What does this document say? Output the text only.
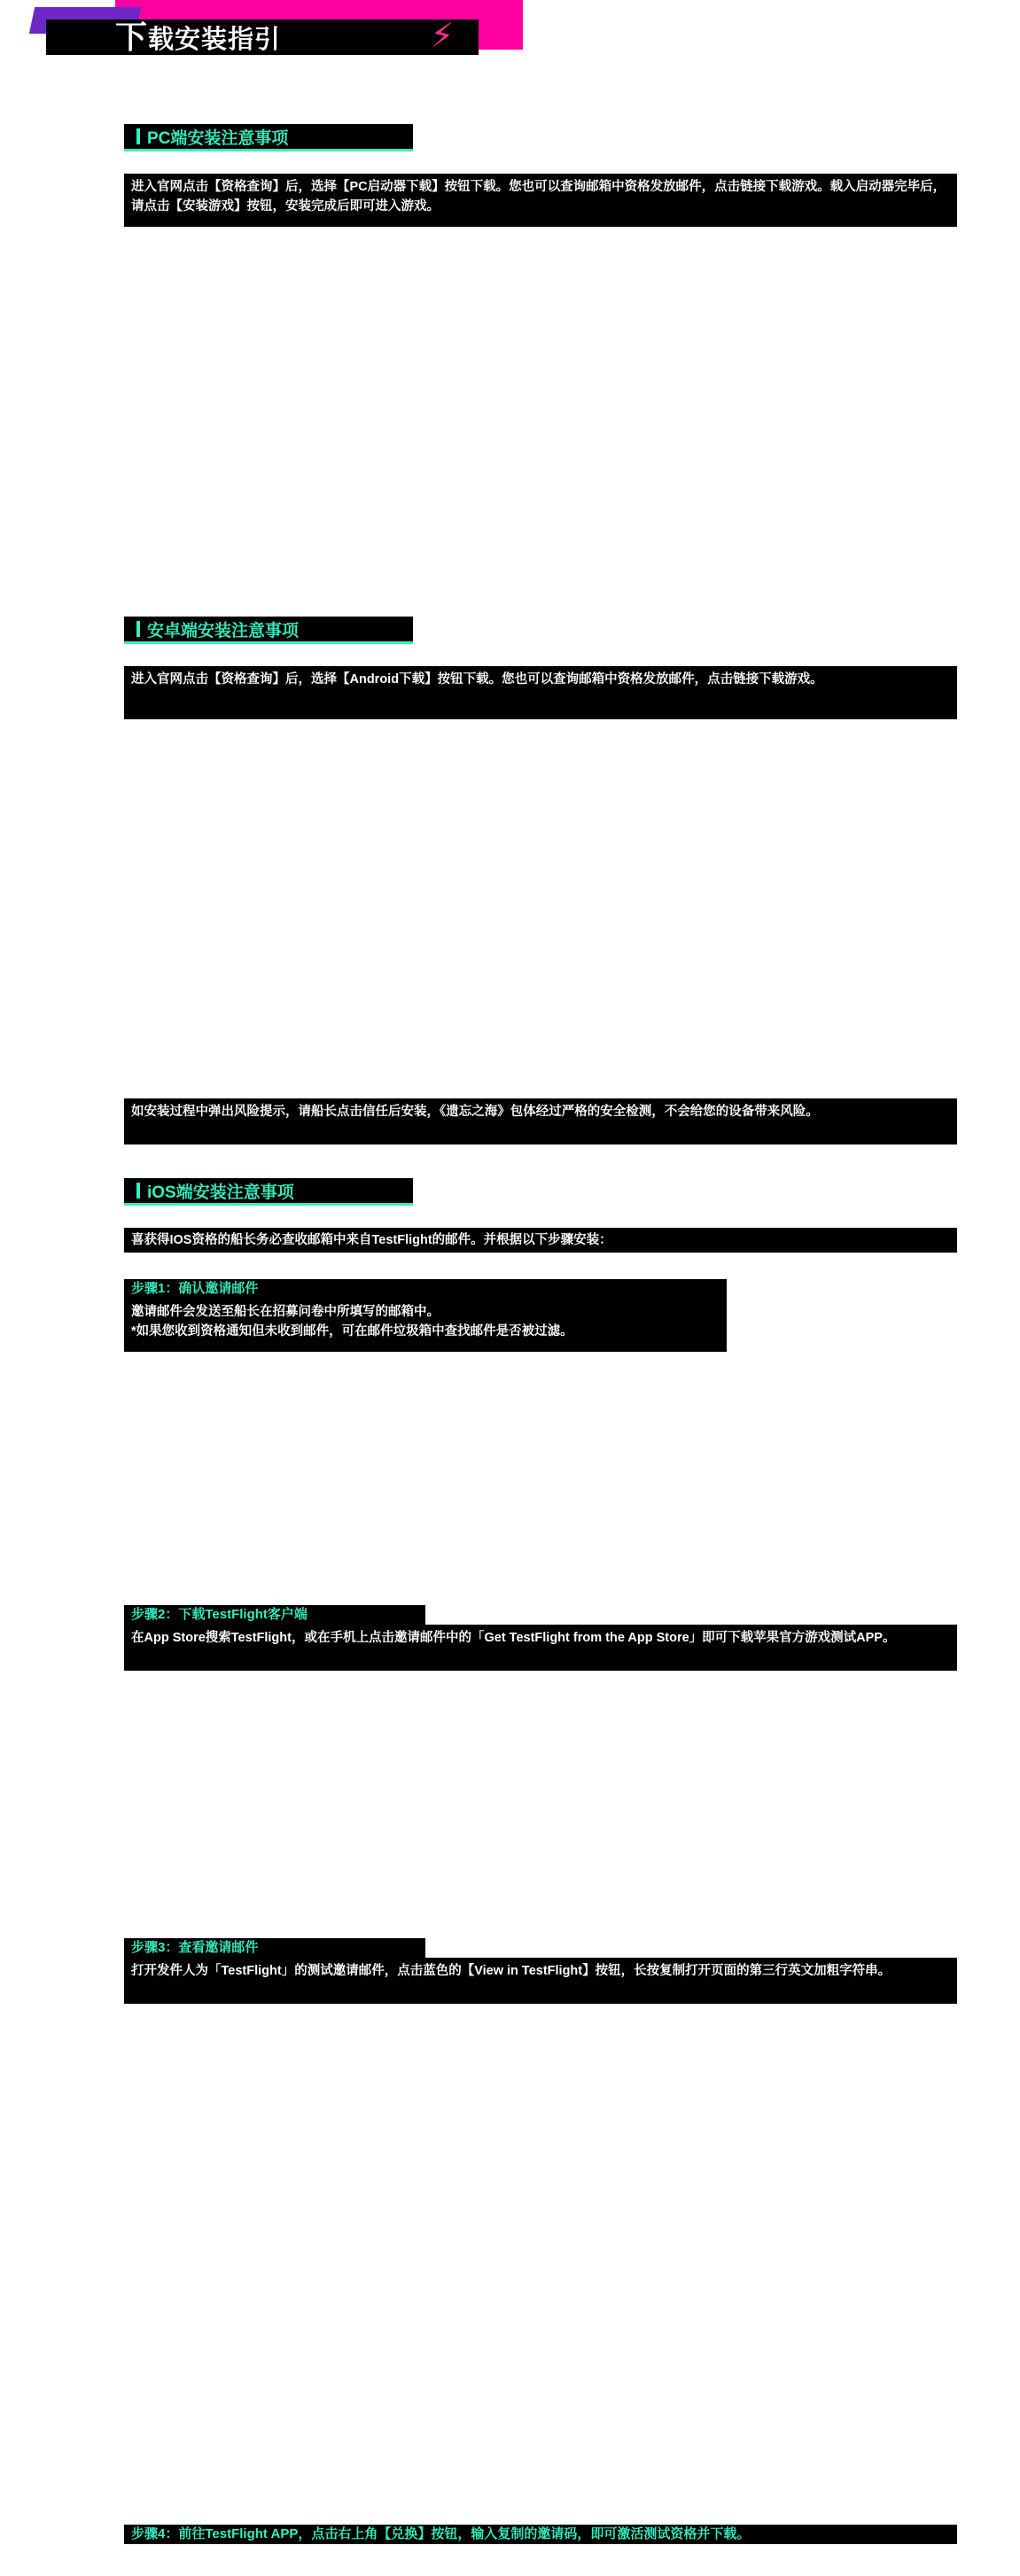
下载安装指引	⚡
PC端安装注意事项
进入官网点击【资格查询】后，选择【PC启动器下载】按钮下载。您也可以查询邮箱中资格发放邮件，点击链接下载游戏。载入启动器完毕后，请点击【安装游戏】按钮，安装完成后即可进入游戏。
安卓端安装注意事项
进入官网点击【资格查询】后，选择【Android下载】按钮下载。您也可以查询邮箱中资格发放邮件，点击链接下载游戏。
如安装过程中弹出风险提示，请船长点击信任后安装，《遗忘之海》包体经过严格的安全检测，不会给您的设备带来风险。
iOS端安装注意事项
喜获得IOS资格的船长务必查收邮箱中来自TestFlight的邮件。并根据以下步骤安装：
步骤1：确认邀请邮件
邀请邮件会发送至船长在招募问卷中所填写的邮箱中。
*如果您收到资格通知但未收到邮件，可在邮件垃圾箱中查找邮件是否被过滤。
步骤2：下载TestFlight客户端
在App Store搜索TestFlight，或在手机上点击邀请邮件中的「Get TestFlight from the App Store」即可下载苹果官方游戏测试APP。
步骤3：查看邀请邮件
打开发件人为「TestFlight」的测试邀请邮件，点击蓝色的【View in TestFlight】按钮，长按复制打开页面的第三行英文加粗字符串。
步骤4：前往TestFlight APP，点击右上角【兑换】按钮，输入复制的邀请码，即可激活测试资格并下载。
